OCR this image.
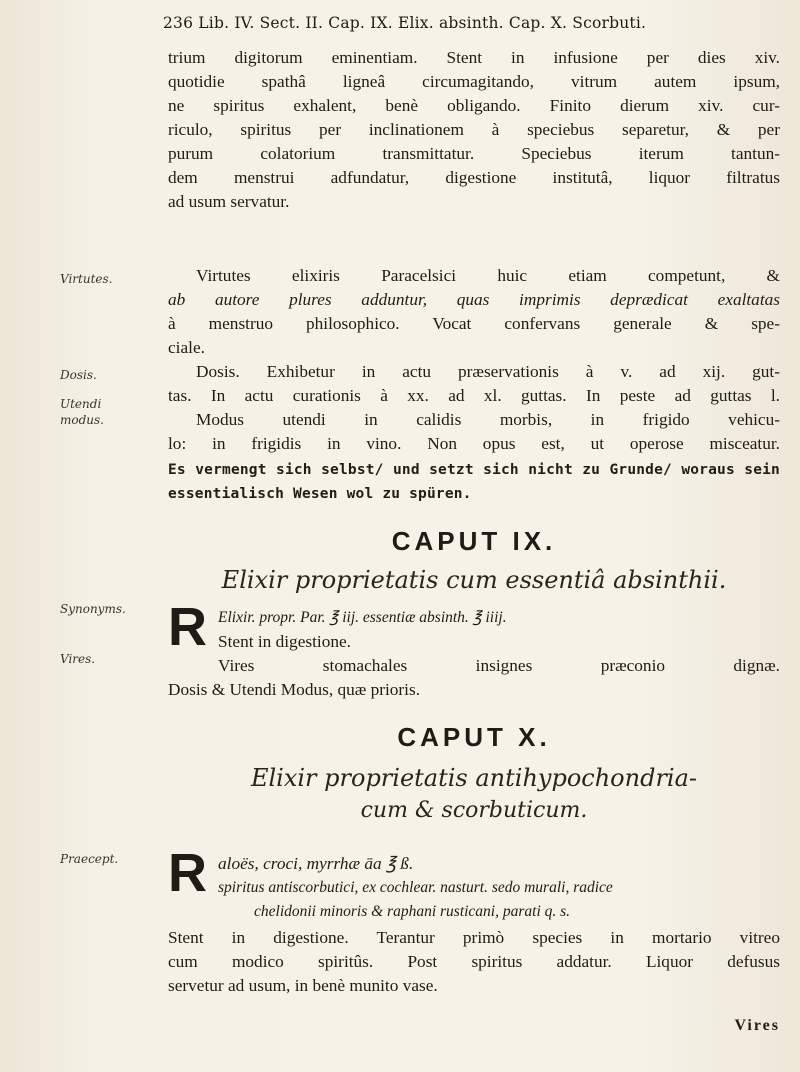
236 Lib. IV. Sect. II. Cap. IX. Elix. absinth. Cap. X. Scorbuti.
Virtutes.
Dosis.
Utendi
modus.
Synonyms.
Vires.
Praecept.
trium digitorum eminentiam. Stent in infusione per dies xiv.
quotidie spathâ ligneâ circumagitando, vitrum autem ipsum,
ne spiritus exhalent, benè obligando. Finito dierum xiv. cur-
riculo, spiritus per inclinationem à speciebus separetur, & per
purum colatorium transmittatur. Speciebus iterum tantun-
dem menstrui adfundatur, digestione institutâ, liquor filtratus
ad usum servatur.
Virtutes elixiris Paracelsici huic etiam competunt, &
ab autore plures adduntur, quas imprimis deprædicat exaltatas
à menstruo philosophico. Vocat confervans generale & spe-
ciale.
Dosis. Exhibetur in actu præservationis à v. ad xij. gut-
tas. In actu curationis à xx. ad xl. guttas. In peste ad guttas l.
Modus utendi in calidis morbis, in frigido vehicu-
lo: in frigidis in vino. Non opus est, ut operose misceatur.
Es vermengt sich selbst/ und setzt sich nicht zu Grunde/ woraus sein
essentialisch Wesen wol zu spüren.
CAPUT IX.
Elixir proprietatis cum essentiâ absinthii.
R Elixir. propr. Par. ℥ iij. essentiæ absinth. ℥ iiij.
Stent in digestione.
Vires stomachales insignes præconio dignæ.
Dosis & Utendi Modus, quæ prioris.
CAPUT X.
Elixir proprietatis antihypochondria-
cum & scorbuticum.
R aloës, croci, myrrhæ āa ℥ ß.
spiritus antiscorbutici, ex cochlear. nasturt. sedo murali, radice
chelidonii minoris & raphani rusticani, parati q. s.
Stent in digestione. Terantur primò species in mortario vitreo
cum modico spiritûs. Post spiritus addatur. Liquor defusus
servetur ad usum, in benè munito vase.
Vires
